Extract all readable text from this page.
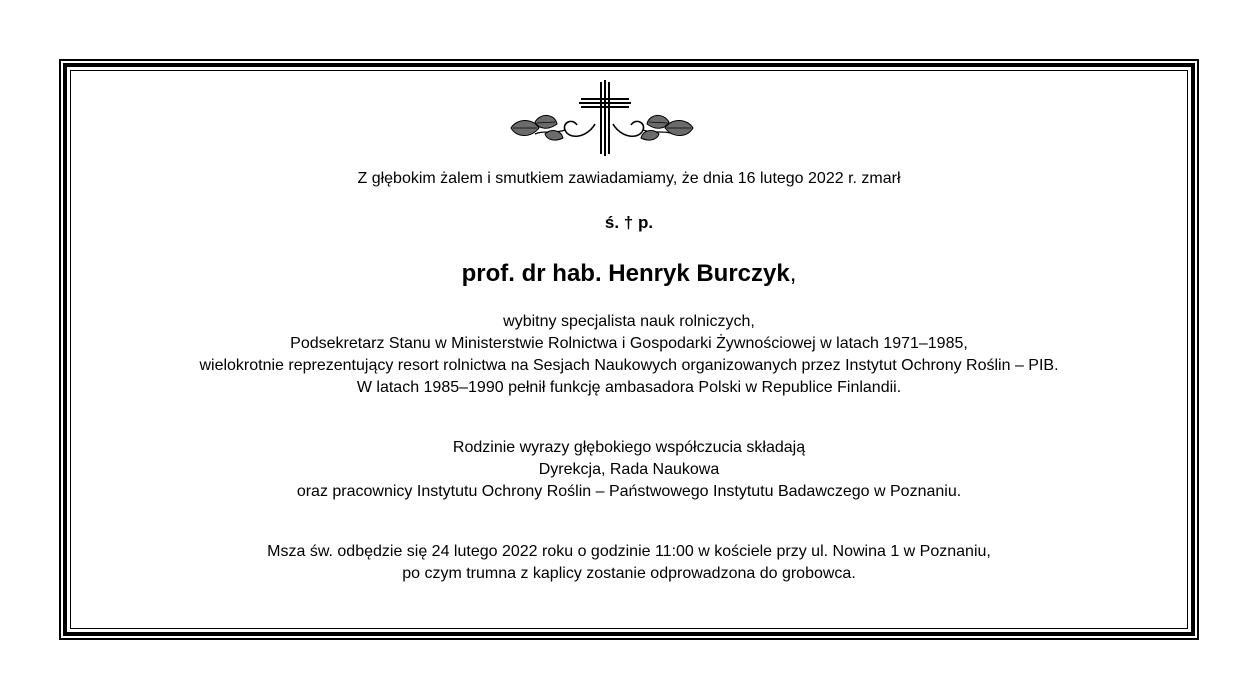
Z głębokim żalem i smutkiem zawiadamiamy, że dnia 16 lutego 2022 r. zmarł
ś. † p.
prof. dr hab. Henryk Burczyk,
wybitny specjalista nauk rolniczych,
Podsekretarz Stanu w Ministerstwie Rolnictwa i Gospodarki Żywnościowej w latach 1971–1985,
wielokrotnie reprezentujący resort rolnictwa na Sesjach Naukowych organizowanych przez Instytut Ochrony Roślin – PIB.
W latach 1985–1990 pełnił funkcję ambasadora Polski w Republice Finlandii.
Rodzinie wyrazy głębokiego współczucia składają
Dyrekcja, Rada Naukowa
oraz pracownicy Instytutu Ochrony Roślin – Państwowego Instytutu Badawczego w Poznaniu.
Msza św. odbędzie się 24 lutego 2022 roku o godzinie 11:00 w kościele przy ul. Nowina 1 w Poznaniu,
po czym trumna z kaplicy zostanie odprowadzona do grobowca.
